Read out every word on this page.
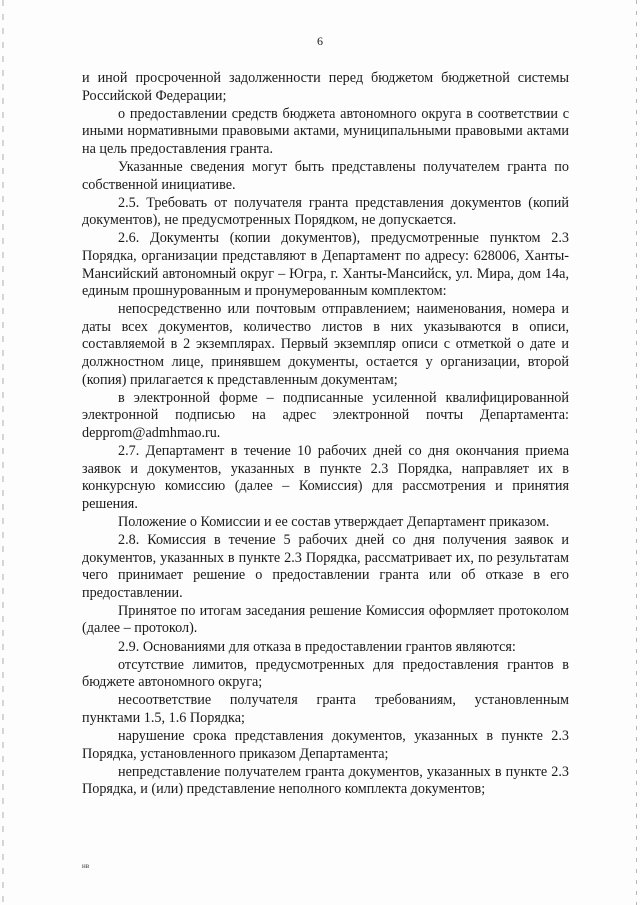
6

и иной просроченной задолженности перед бюджетом бюджетной системы Российской Федерации;

о предоставлении средств бюджета автономного округа в соответствии с иными нормативными правовыми актами, муниципальными правовыми актами на цель предоставления гранта.

Указанные сведения могут быть представлены получателем гранта по собственной инициативе.

2.5. Требовать от получателя гранта представления документов (копий документов), не предусмотренных Порядком, не допускается.

2.6. Документы (копии документов), предусмотренные пунктом 2.3 Порядка, организации представляют в Департамент по адресу: 628006, Ханты-Мансийский автономный округ – Югра, г. Ханты-Мансийск, ул. Мира, дом 14а, единым прошнурованным и пронумерованным комплектом:

непосредственно или почтовым отправлением; наименования, номера и даты всех документов, количество листов в них указываются в описи, составляемой в 2 экземплярах. Первый экземпляр описи с отметкой о дате и должностном лице, принявшем документы, остается у организации, второй (копия) прилагается к представленным документам;

в электронной форме – подписанные усиленной квалифицированной электронной подписью на адрес электронной почты Департамента: depprom@admhmao.ru.

2.7. Департамент в течение 10 рабочих дней со дня окончания приема заявок и документов, указанных в пункте 2.3 Порядка, направляет их в конкурсную комиссию (далее – Комиссия) для рассмотрения и принятия решения.

Положение о Комиссии и ее состав утверждает Департамент приказом.

2.8. Комиссия в течение 5 рабочих дней со дня получения заявок и документов, указанных в пункте 2.3 Порядка, рассматривает их, по результатам чего принимает решение о предоставлении гранта или об отказе в его предоставлении.

Принятое по итогам заседания решение Комиссия оформляет протоколом (далее – протокол).

2.9. Основаниями для отказа в предоставлении грантов являются:

отсутствие лимитов, предусмотренных для предоставления грантов в бюджете автономного округа;

несоответствие получателя гранта требованиям, установленным пунктами 1.5, 1.6 Порядка;

нарушение срока представления документов, указанных в пункте 2.3 Порядка, установленного приказом Департамента;

непредставление получателем гранта документов, указанных в пункте 2.3 Порядка, и (или) представление неполного комплекта документов;

нв
